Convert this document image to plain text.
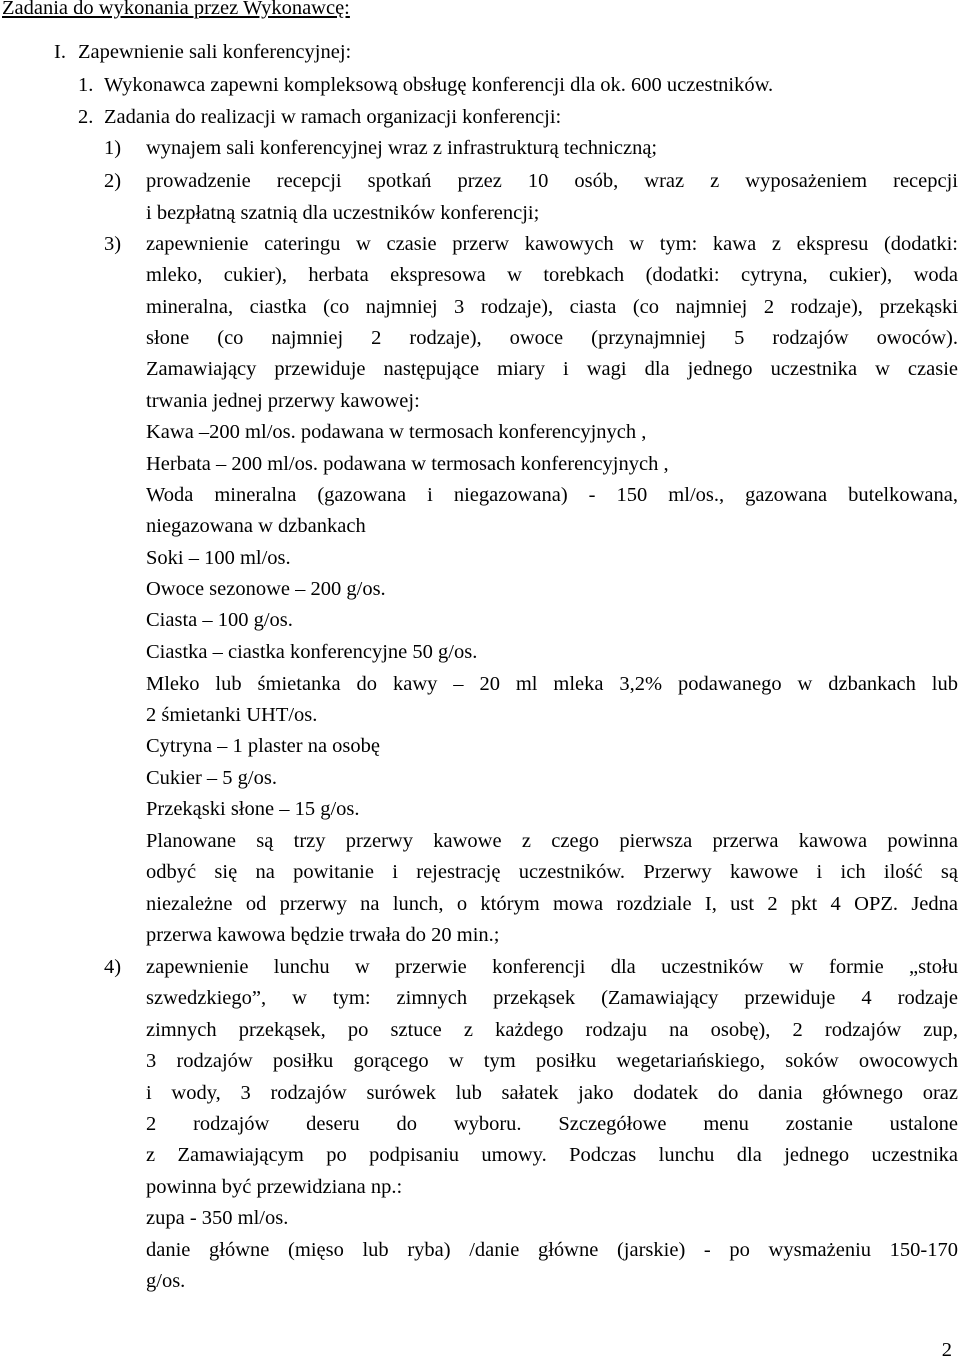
Zadania do wykonania przez Wykonawcę:
I. Zapewnienie sali konferencyjnej:
1. Wykonawca zapewni kompleksową obsługę konferencji dla ok. 600 uczestników.
2. Zadania do realizacji w ramach organizacji konferencji:
1) wynajem sali konferencyjnej wraz z infrastrukturą techniczną;
2) prowadzenie recepcji spotkań przez 10 osób, wraz z wyposażeniem recepcji
i bezpłatną szatnią dla uczestników konferencji;
3) zapewnienie cateringu w czasie przerw kawowych w tym: kawa z ekspresu (dodatki:
mleko, cukier), herbata ekspresowa w torebkach (dodatki: cytryna, cukier), woda
mineralna, ciastka (co najmniej 3 rodzaje), ciasta (co najmniej 2 rodzaje), przekąski
słone (co najmniej 2 rodzaje), owoce (przynajmniej 5 rodzajów owoców).
Zamawiający przewiduje następujące miary i wagi dla jednego uczestnika w czasie
trwania jednej przerwy kawowej:
Kawa –200 ml/os. podawana w termosach konferencyjnych ,
Herbata – 200 ml/os. podawana w termosach konferencyjnych ,
Woda mineralna (gazowana i niegazowana) - 150 ml/os., gazowana butelkowana,
niegazowana w dzbankach
Soki – 100 ml/os.
Owoce sezonowe – 200 g/os.
Ciasta – 100 g/os.
Ciastka – ciastka konferencyjne 50 g/os.
Mleko lub śmietanka do kawy – 20 ml mleka 3,2% podawanego w dzbankach lub
2 śmietanki UHT/os.
Cytryna – 1 plaster na osobę
Cukier – 5 g/os.
Przekąski słone – 15 g/os.
Planowane są trzy przerwy kawowe z czego pierwsza przerwa kawowa powinna
odbyć się na powitanie i rejestrację uczestników. Przerwy kawowe i ich ilość są
niezależne od przerwy na lunch, o którym mowa rozdziale I, ust 2 pkt 4 OPZ. Jedna
przerwa kawowa będzie trwała do 20 min.;
4) zapewnienie lunchu w przerwie konferencji dla uczestników w formie „stołu
szwedzkiego”, w tym: zimnych przekąsek (Zamawiający przewiduje 4 rodzaje
zimnych przekąsek, po sztuce z każdego rodzaju na osobę), 2 rodzajów zup,
3 rodzajów posiłku gorącego w tym posiłku wegetariańskiego, soków owocowych
i wody, 3 rodzajów surówek lub sałatek jako dodatek do dania głównego oraz
2 rodzajów deseru do wyboru. Szczegółowe menu zostanie ustalone
z Zamawiającym po podpisaniu umowy. Podczas lunchu dla jednego uczestnika
powinna być przewidziana np.:
zupa - 350 ml/os.
danie główne (mięso lub ryba) /danie główne (jarskie) - po wysmażeniu 150-170
g/os.
2
